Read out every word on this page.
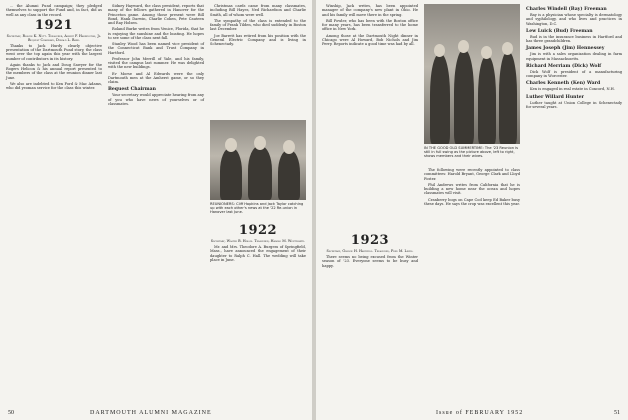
... the Alumni Fund campaign; they pledged themselves to support the Fund and, in fact, did as well as any class in the record.

1921
Secretary, Roscoe K. Nutt. Treasurer, Albert F. Harrington, Jr. Bequest Chairman, Donald L. Barr.

Thanks to Jack Hurdy clearly objective presentation of the Dartmouth Fund story, the class went over the top again this year with the largest number of contributors in its history.

Again thanks to Jack and Doug Sawyer for the Rogers Helicon & his annual report presented to the members of the class at the reunion dinner last June.

We also are indebted to Ken Ford & Mac Adams, who did yeoman service for the class this winter.

Sidney Hayward, the class president, reports that many of the fellows gathered in Hanover for the Princeton game. Among those present were Bill Bond, Hank Darwin, Charlie Cohen, Pete Cauteen and Ray Holsen.

Roland Burke writes from Venice, Florida, that he is enjoying the sunshine and the boating. He hopes to see some of the class next fall.

Stanley Wood has been named vice president of the Connecticut Bank and Trust Company in Hartford.

Professor John Merrill of Yale, and his family, visited the campus last summer. He was delighted with the new buildings.

Ev Morse and Al Edwards were the only Dartmouth men at the Amherst game, or so they claim.

Bequest Chairman

Your secretary would appreciate hearing from any of you who have news of yourselves or of classmates.

Christmas cards came from many classmates, including Bill Hayes, Ned Richardson and Charlie Smith, all of whom were well.

The sympathy of the class is extended to the family of Frank Tilden, who died suddenly in Boston last December.

Joe Barrett has retired from his position with the General Electric Company and is living in Schenectady.

REUNIONERS: Cliff Hopkins and Jack Taylor catching up with each other's news at the '22 Re-union in Hanover last June.
1922
Secretary, Walter B. Hollis. Treasurer, Harold M. Wentworth.

Mr. and Mrs. Theodore A. Burgess of Springfield, Mass., have announced the engagement of their daughter to Ralph C. Hall. The wedding will take place in June.

50	DARTMOUTH ALUMNI MAGAZINE

Winship, Jack writes, has been appointed manager of the company's new plant in Ohio. He and his family will move there in the spring.

Bill Fowler, who has been with the Boston office for many years, has been transferred to the home office in New York.

Among those at the Dartmouth Night dinner in Chicago were Al Howard, Bob Nichols and Jim Perry. Reports indicate a good time was had by all.

1923
Secretary, George H. Hartwell. Treasurer, Fred M. Lewis.

There seems no being excused from the Winter season of '23. Everyone seems to be busy and happy.

IN THE GOOD OLD SUMMERTIME: The '23 Reunion is still in full swing as the picture above, left to right, shows members and their wives.

The following were recently appointed to class committees: Harold Bryant, George Clark and Lloyd Foster.

Phil Andrews writes from California that he is building a new home near the ocean and hopes classmates will visit.

Cranberry bogs on Cape Cod keep Ed Baker busy these days. He says the crop was excellent this year.

Charles Windell (Bay) Freeman

Bay is a physician whose specialty is dermatology and syphilology, and who lives and practices in Washington, D.C.

Lew Luick (Bud) Freeman

Bud is in the insurance business in Hartford and has three grandchildren.

James Joseph (Jim) Hennessey

Jim is with a sales organization dealing in farm equipment in Massachusetts.

Richard Merriam (Dick) Wolf

Dick Wolf is president of a manufacturing company in Worcester.

Charles Kenneth (Ken) Ward

Ken is engaged in real estate in Concord, N.H.

Luther Willard Hunter

Luther taught at Union College in Schenectady for several years.

Issue of FEBRUARY 1952	51
